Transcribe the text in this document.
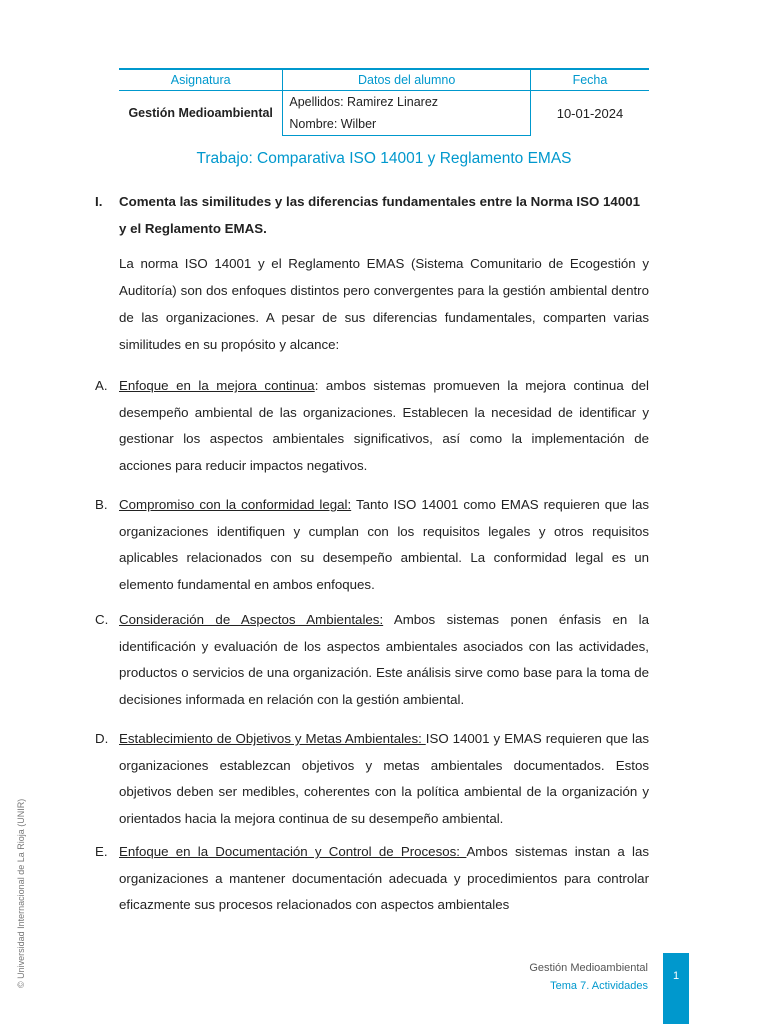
Asignatura	Datos del alumno	Fecha
Gestión Medioambiental	Apellidos: Ramirez Linarez	10-01-2024
	Nombre: Wilber	
Trabajo: Comparativa ISO 14001 y Reglamento EMAS
I. Comenta las similitudes y las diferencias fundamentales entre la Norma ISO 14001 y el Reglamento EMAS.
La norma ISO 14001 y el Reglamento EMAS (Sistema Comunitario de Ecogestión y Auditoría) son dos enfoques distintos pero convergentes para la gestión ambiental dentro de las organizaciones. A pesar de sus diferencias fundamentales, comparten varias similitudes en su propósito y alcance:
A. Enfoque en la mejora continua: ambos sistemas promueven la mejora continua del desempeño ambiental de las organizaciones. Establecen la necesidad de identificar y gestionar los aspectos ambientales significativos, así como la implementación de acciones para reducir impactos negativos.
B. Compromiso con la conformidad legal: Tanto ISO 14001 como EMAS requieren que las organizaciones identifiquen y cumplan con los requisitos legales y otros requisitos aplicables relacionados con su desempeño ambiental. La conformidad legal es un elemento fundamental en ambos enfoques.
C. Consideración de Aspectos Ambientales: Ambos sistemas ponen énfasis en la identificación y evaluación de los aspectos ambientales asociados con las actividades, productos o servicios de una organización. Este análisis sirve como base para la toma de decisiones informada en relación con la gestión ambiental.
D. Establecimiento de Objetivos y Metas Ambientales: ISO 14001 y EMAS requieren que las organizaciones establezcan objetivos y metas ambientales documentados. Estos objetivos deben ser medibles, coherentes con la política ambiental de la organización y orientados hacia la mejora continua de su desempeño ambiental.
E. Enfoque en la Documentación y Control de Procesos: Ambos sistemas instan a las organizaciones a mantener documentación adecuada y procedimientos para controlar eficazmente sus procesos relacionados con aspectos ambientales
© Universidad Internacional de La Rioja (UNIR)	Gestión Medioambiental
Tema 7. Actividades
1
